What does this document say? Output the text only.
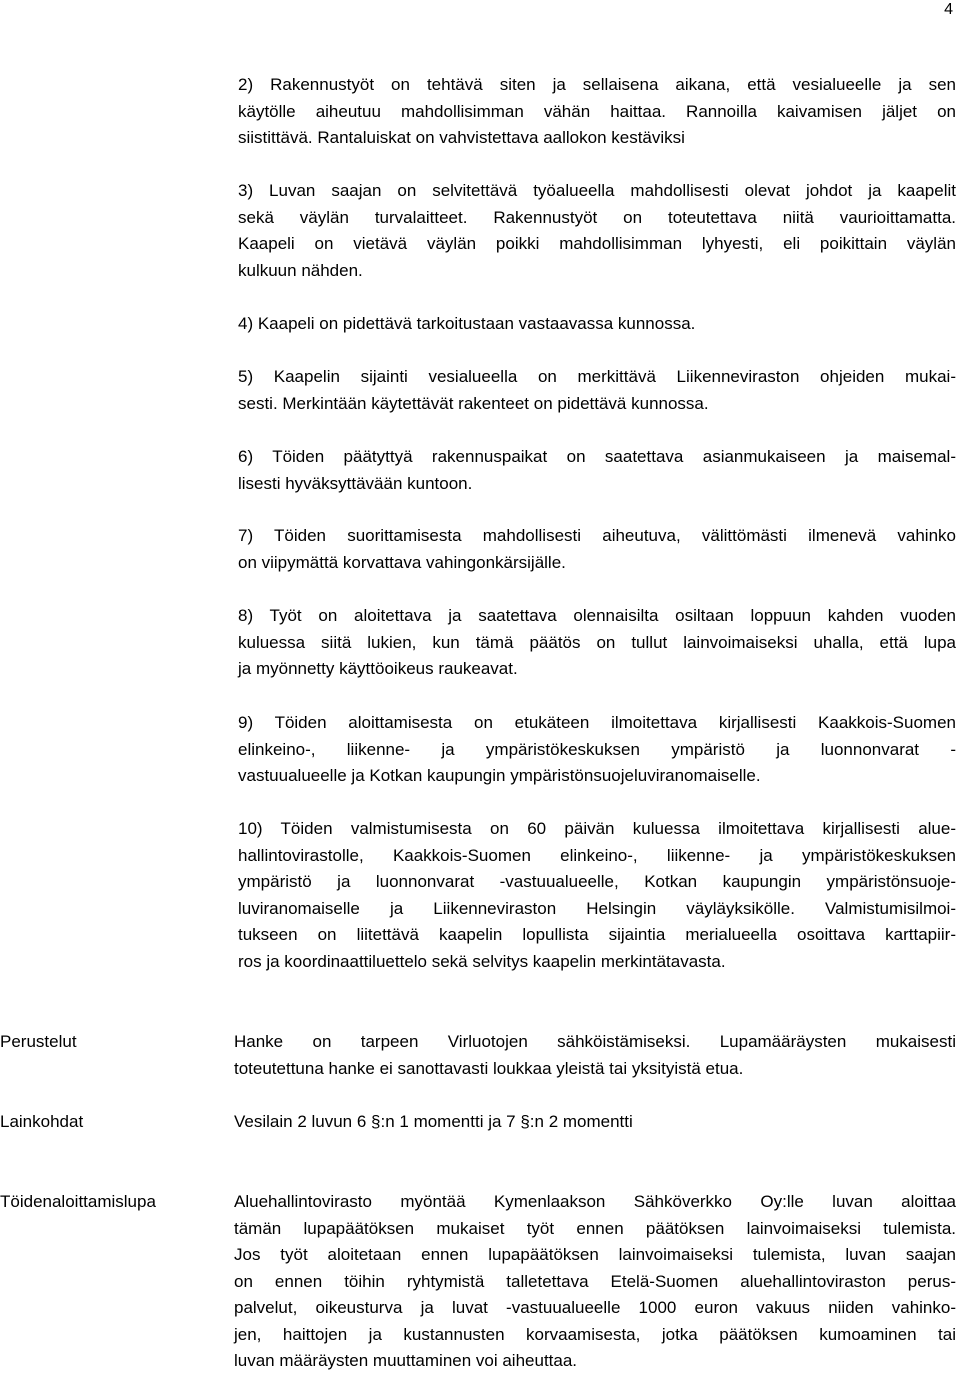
4
2) Rakennustyöt on tehtävä siten ja sellaisena aikana, että vesialueelle ja sen
käytölle aiheutuu mahdollisimman vähän haittaa. Rannoilla kaivamisen jäljet on
siistittävä. Rantaluiskat on vahvistettava aallokon kestäviksi
3) Luvan saajan on selvitettävä työalueella mahdollisesti olevat johdot ja kaapelit
sekä väylän turvalaitteet. Rakennustyöt on toteutettava niitä vaurioittamatta.
Kaapeli on vietävä väylän poikki mahdollisimman lyhyesti, eli poikittain väylän
kulkuun nähden.
4) Kaapeli on pidettävä tarkoitustaan vastaavassa kunnossa.
5) Kaapelin sijainti vesialueella on merkittävä Liikenneviraston ohjeiden mukai-
sesti. Merkintään käytettävät rakenteet on pidettävä kunnossa.
6) Töiden päätyttyä rakennuspaikat on saatettava asianmukaiseen ja maisemal-
lisesti hyväksyttävään kuntoon.
7) Töiden suorittamisesta mahdollisesti aiheutuva, välittömästi ilmenevä vahinko
on viipymättä korvattava vahingonkärsijälle.
8) Työt on aloitettava ja saatettava olennaisilta osiltaan loppuun kahden vuoden
kuluessa siitä lukien, kun tämä päätös on tullut lainvoimaiseksi uhalla, että lupa
ja myönnetty käyttöoikeus raukeavat.
9) Töiden aloittamisesta on etukäteen ilmoitettava kirjallisesti Kaakkois-Suomen
elinkeino-, liikenne- ja ympäristökeskuksen ympäristö ja luonnonvarat -
vastuualueelle ja Kotkan kaupungin ympäristönsuojeluviranomaiselle.
10) Töiden valmistumisesta on 60 päivän kuluessa ilmoitettava kirjallisesti alue-
hallintovirastolle, Kaakkois-Suomen elinkeino-, liikenne- ja ympäristökeskuksen
ympäristö ja luonnonvarat -vastuualueelle, Kotkan kaupungin ympäristönsuoje-
luviranomaiselle ja Liikenneviraston Helsingin väyläyksikölle. Valmistumisilmoi-
tukseen on liitettävä kaapelin lopullista sijaintia merialueella osoittava karttapiir-
ros ja koordinaattiluettelo sekä selvitys kaapelin merkintätavasta.
Perustelut	Hanke on tarpeen Virluotojen sähköistämiseksi. Lupamääräysten mukaisesti
toteutettuna hanke ei sanottavasti loukkaa yleistä tai yksityistä etua.
Lainkohdat	Vesilain 2 luvun 6 §:n 1 momentti ja 7 §:n 2 momentti
Töidenaloittamislupa	Aluehallintovirasto myöntää Kymenlaakson Sähköverkko Oy:lle luvan aloittaa
tämän lupapäätöksen mukaiset työt ennen päätöksen lainvoimaiseksi tulemista.
Jos työt aloitetaan ennen lupapäätöksen lainvoimaiseksi tulemista, luvan saajan
on ennen töihin ryhtymistä talletettava Etelä-Suomen aluehallintoviraston perus-
palvelut, oikeusturva ja luvat -vastuualueelle 1000 euron vakuus niiden vahinko-
jen, haittojen ja kustannusten korvaamisesta, jotka päätöksen kumoaminen tai
luvan määräysten muuttaminen voi aiheuttaa.
